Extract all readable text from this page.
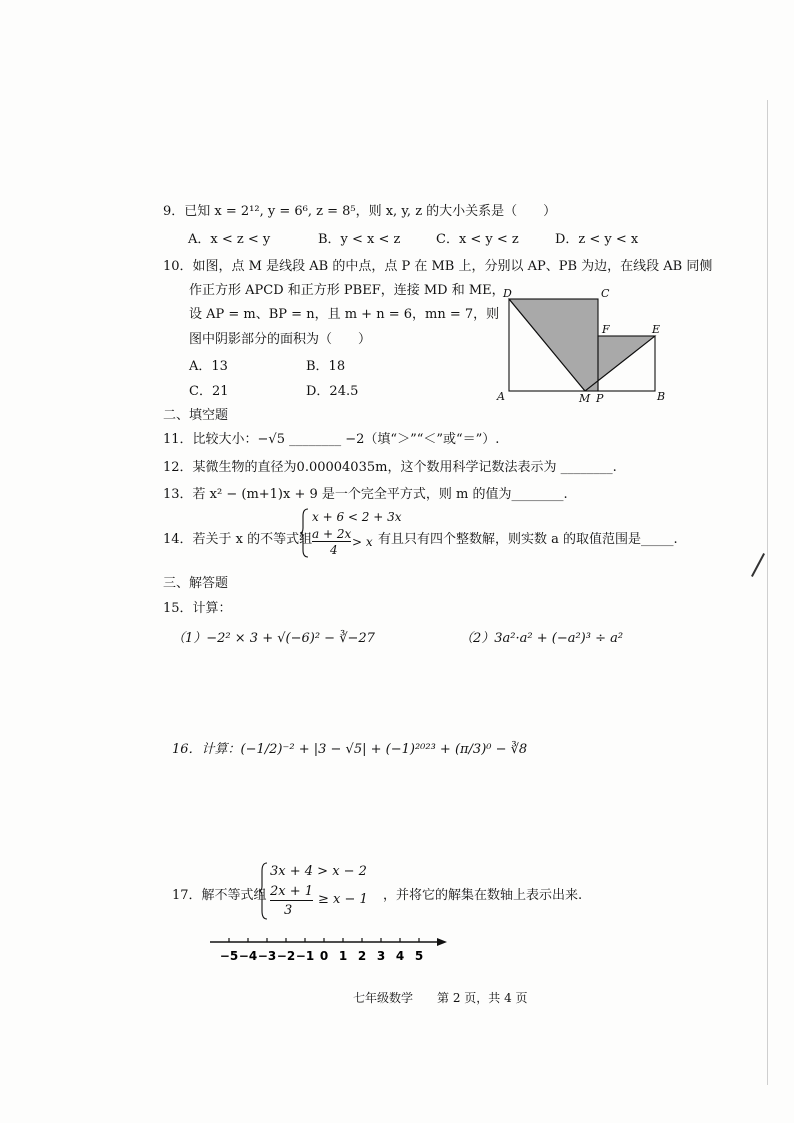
9．已知 x = 2¹², y = 6⁶, z = 8⁵，则 x, y, z 的大小关系是（　　）
A．x < z < y	B．y < x < z	C．x < y < z	D．z < y < x
10．如图，点 M 是线段 AB 的中点，点 P 在 MB 上，分别以 AP、PB 为边，在线段 AB 同侧
作正方形 APCD 和正方形 PBEF，连接 MD 和 ME，
设 AP = m、BP = n，且 m + n = 6，mn = 7，则
图中阴影部分的面积为（　　）
A．13	B．18
C．21	D．24.5
D	C
F	E
A	M P	B
二、填空题
11．比较大小：−√5 ________ −2（填“＞”“＜”或“＝”）.
12．某微生物的直径为0.00004035m，这个数用科学记数法表示为 ________.
13．若 x² − (m+1)x + 9 是一个完全平方式，则 m 的值为________.
14．若关于 x 的不等式组
x + 6 < 2 + 3x
a + 2x
4
> x 有且只有四个整数解，则实数 a 的取值范围是_____.
三、解答题
15．计算：
（1）−2² × 3 + √(−6)² − ∛−27	（2）3a²·a² + (−a²)³ ÷ a²
16．计算：(−1/2)⁻² + |3 − √5| + (−1)²⁰²³ + (π/3)⁰ − ∛8
17．解不等式组
3x + 4 > x − 2
2x + 1
3
≥ x − 1 ，并将它的解集在数轴上表示出来.
−5 −4 −3 −2 −1 0 1 2 3 4 5
七年级数学　　第 2 页，共 4 页
